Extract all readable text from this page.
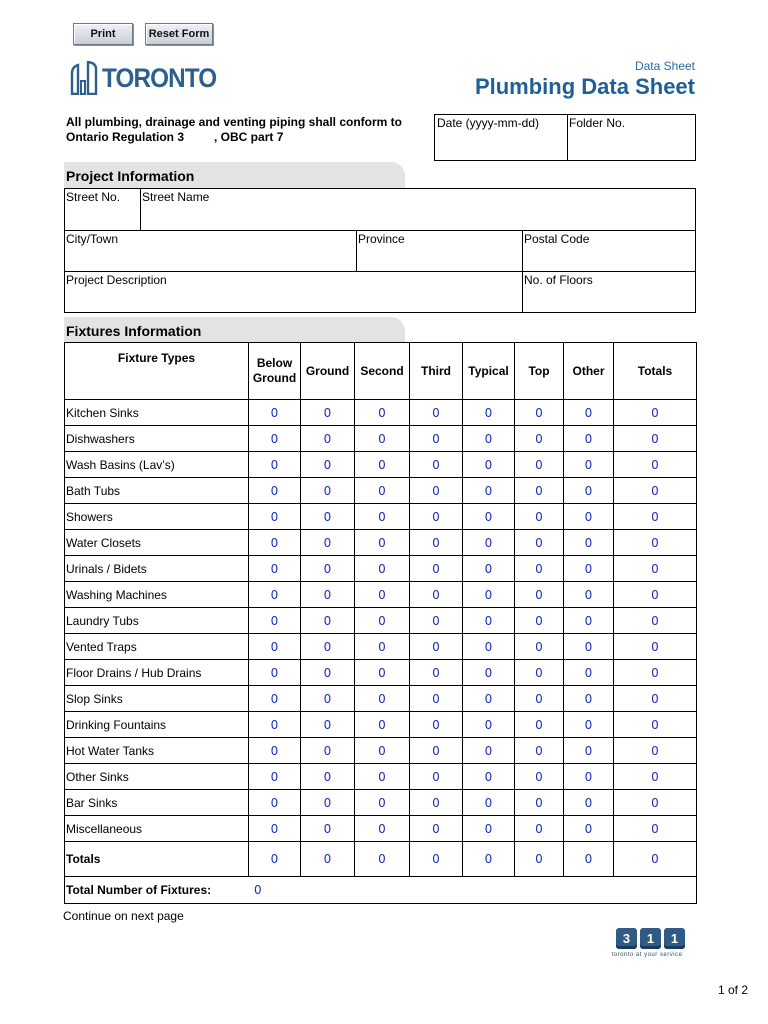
Print	Reset Form
TORONTO	Data Sheet
Plumbing Data Sheet
All plumbing, drainage and venting piping shall conform to
Ontario Regulation 3	, OBC part 7
Date (yyyy-mm-dd) Folder No.
Project Information
Street No. Street Name
City/Town	Province	Postal Code
Project Description	No. of Floors
Fixtures Information
Fixture Types	Below Ground	Ground	Second	Third	Typical	Top	Other	Totals
Kitchen Sinks	0	0	0	0	0	0	0	0
Dishwashers	0	0	0	0	0	0	0	0
Wash Basins (Lav’s)	0	0	0	0	0	0	0	0
Bath Tubs	0	0	0	0	0	0	0	0
Showers	0	0	0	0	0	0	0	0
Water Closets	0	0	0	0	0	0	0	0
Urinals / Bidets	0	0	0	0	0	0	0	0
Washing Machines	0	0	0	0	0	0	0	0
Laundry Tubs	0	0	0	0	0	0	0	0
Vented Traps	0	0	0	0	0	0	0	0
Floor Drains / Hub Drains	0	0	0	0	0	0	0	0
Slop Sinks	0	0	0	0	0	0	0	0
Drinking Fountains	0	0	0	0	0	0	0	0
Hot Water Tanks	0	0	0	0	0	0	0	0
Other Sinks	0	0	0	0	0	0	0	0
Bar Sinks	0	0	0	0	0	0	0	0
Miscellaneous	0	0	0	0	0	0	0	0
Totals	0	0	0	0	0	0	0	0

Total Number of Fixtures: 0								
Continue on next page
3	1	1
toronto at your service
1 of 2
